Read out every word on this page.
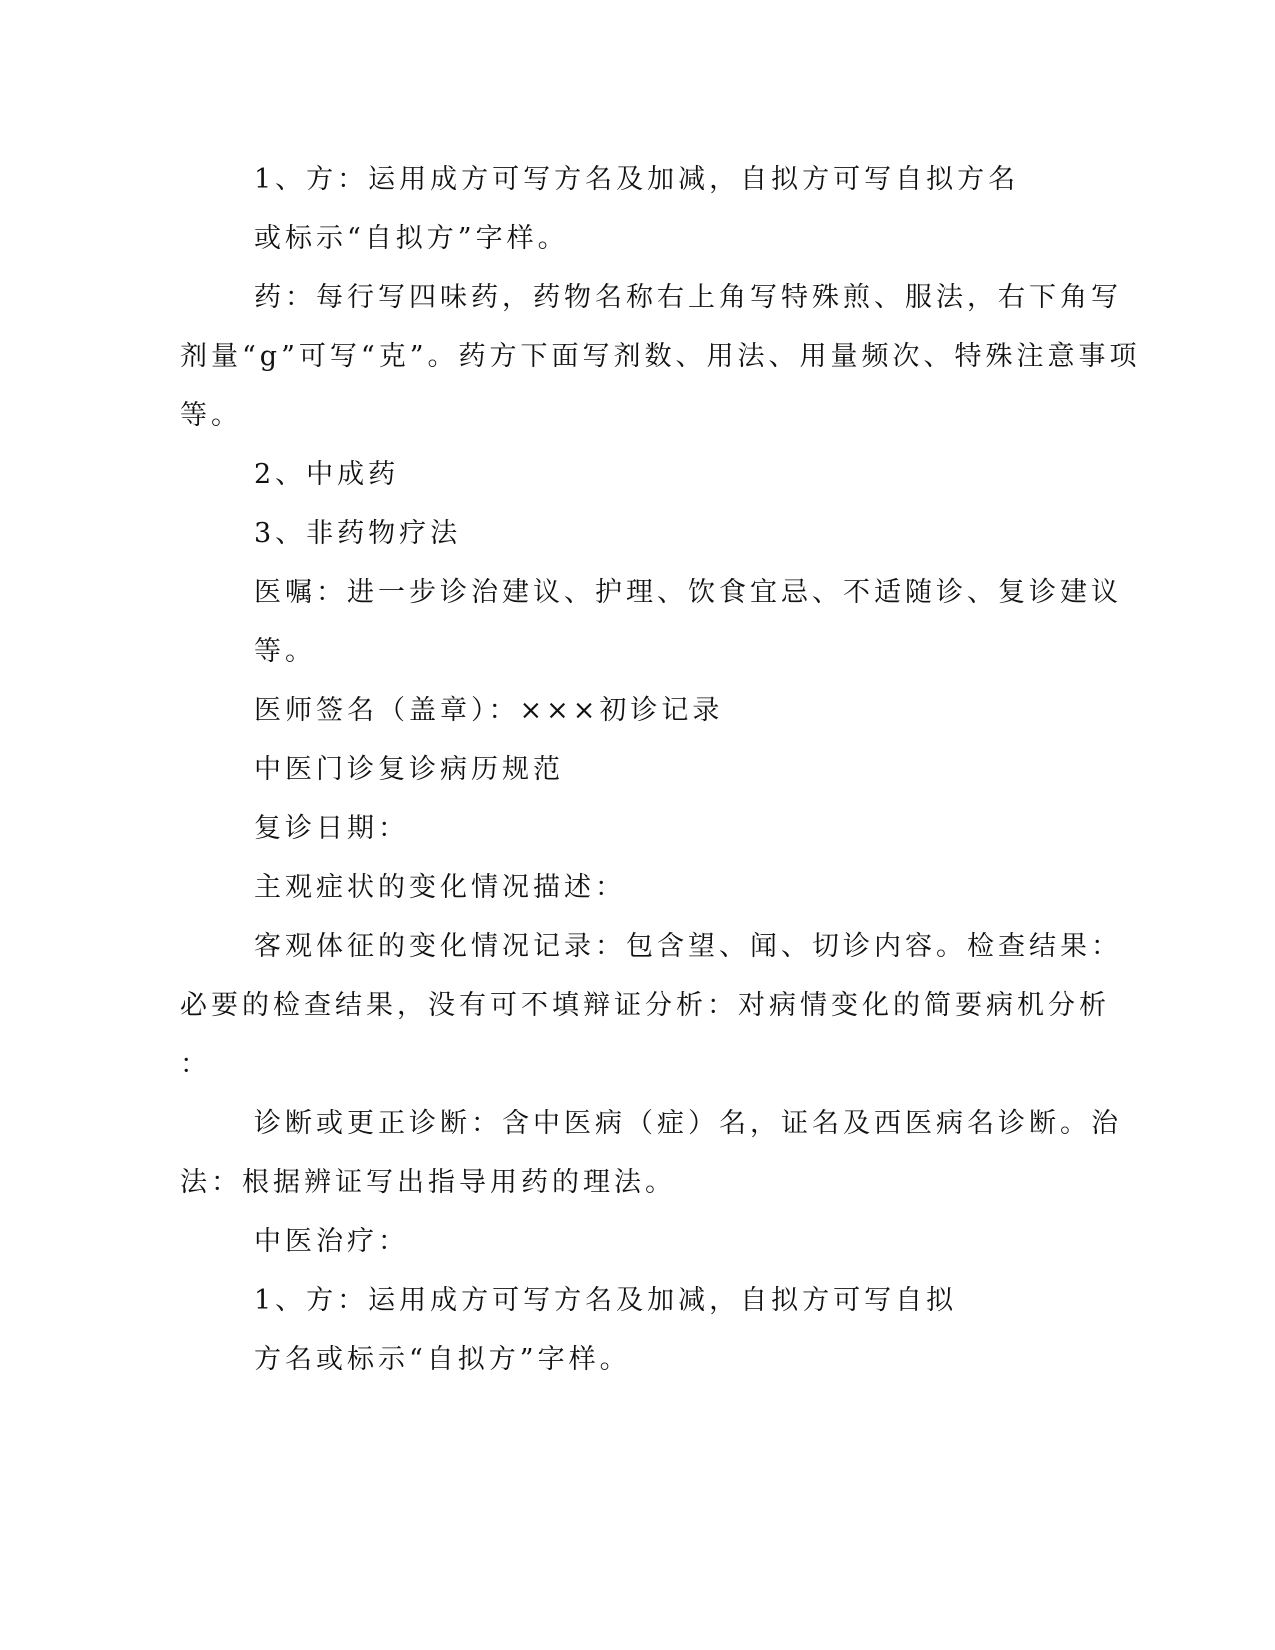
1、方：运用成方可写方名及加减，自拟方可写自拟方名
或标示“自拟方”字样。
药：每行写四味药，药物名称右上角写特殊煎、服法，右下角写
剂量“g”可写“克”。药方下面写剂数、用法、用量频次、特殊注意事项
等。
2、中成药
3、非药物疗法
医嘱：进一步诊治建议、护理、饮食宜忌、不适随诊、复诊建议
等。
医师签名（盖章）：×××初诊记录
中医门诊复诊病历规范
复诊日期：
主观症状的变化情况描述：
客观体征的变化情况记录：包含望、闻、切诊内容。检查结果：
必要的检查结果，没有可不填辩证分析：对病情变化的简要病机分析
：
诊断或更正诊断：含中医病（症）名，证名及西医病名诊断。治
法：根据辨证写出指导用药的理法。
中医治疗：
1、方：运用成方可写方名及加减，自拟方可写自拟
方名或标示“自拟方”字样。
